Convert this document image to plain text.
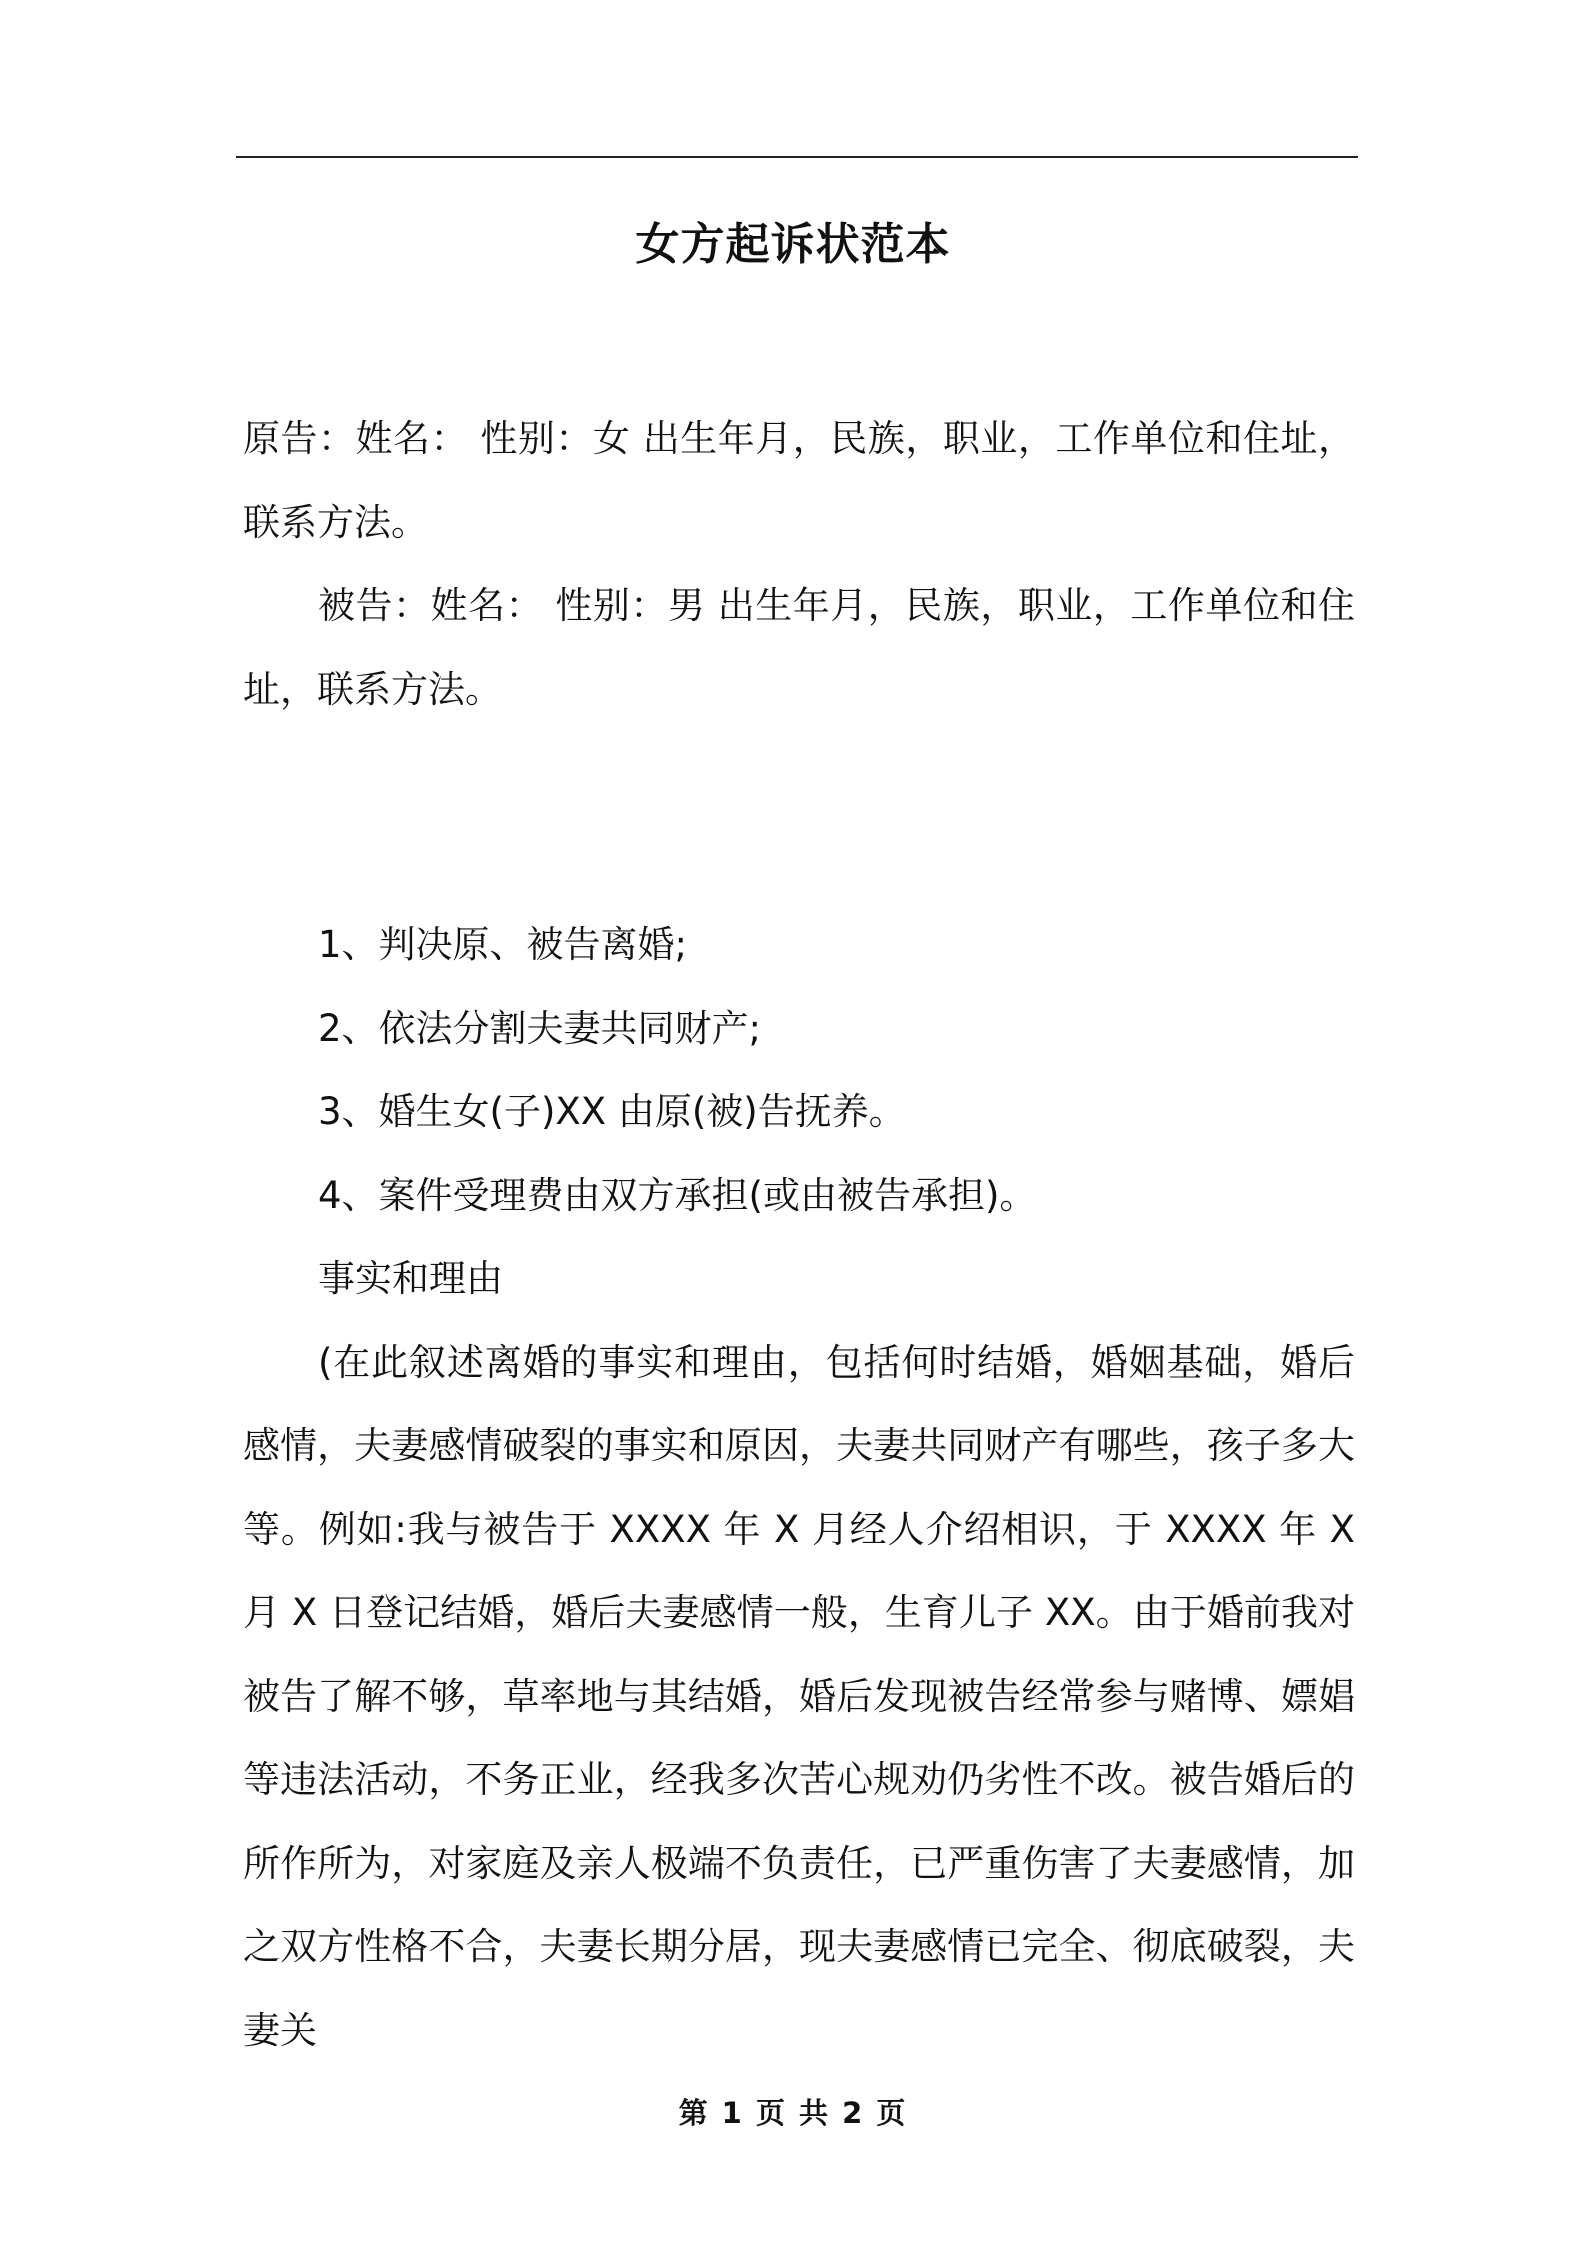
女方起诉状范本

原告：姓名： 性别：女 出生年月，民族，职业，工作单位和住址，联系方法。

被告：姓名： 性别：男 出生年月，民族，职业，工作单位和住址，联系方法。

1、判决原、被告离婚;

2、依法分割夫妻共同财产;

3、婚生女(子)XX 由原(被)告抚养。

4、案件受理费由双方承担(或由被告承担)。

事实和理由

(在此叙述离婚的事实和理由，包括何时结婚，婚姻基础，婚后感情，夫妻感情破裂的事实和原因，夫妻共同财产有哪些，孩子多大等。例如:我与被告于 XXXX 年 X 月经人介绍相识，于 XXXX 年 X 月 X 日登记结婚，婚后夫妻感情一般，生育儿子 XX。由于婚前我对被告了解不够，草率地与其结婚，婚后发现被告经常参与赌博、嫖娼等违法活动，不务正业，经我多次苦心规劝仍劣性不改。被告婚后的所作所为，对家庭及亲人极端不负责任，已严重伤害了夫妻感情，加之双方性格不合，夫妻长期分居，现夫妻感情已完全、彻底破裂，夫妻关

第 1 页 共 2 页
